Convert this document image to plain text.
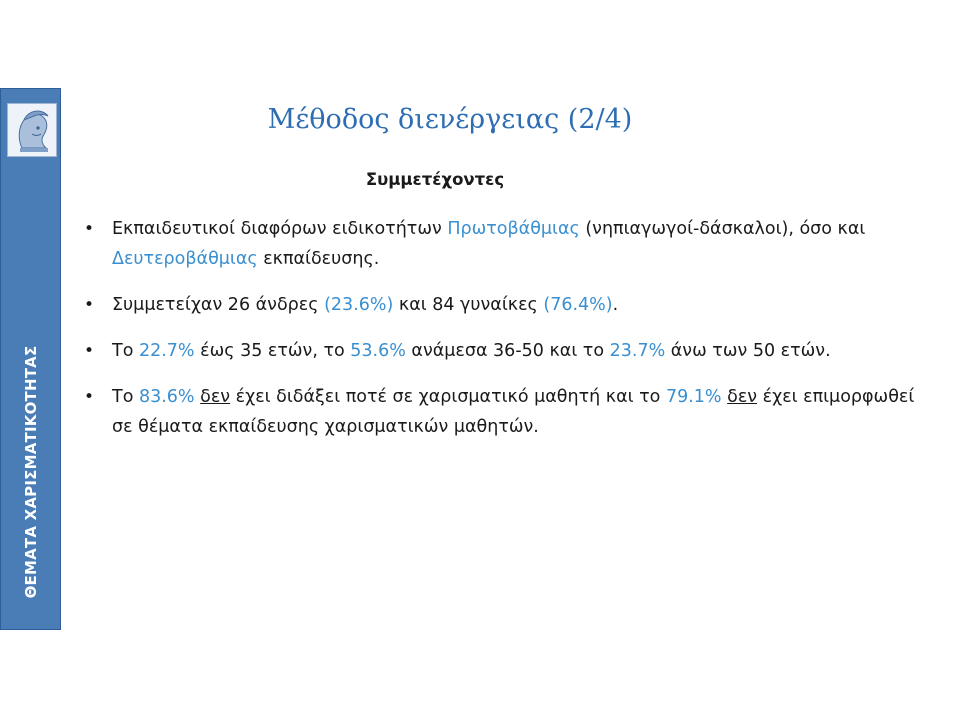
ΘΕΜΑΤΑ ΧΑΡΙΣΜΑΤΙΚΟΤΗΤΑΣ
Μέθοδος διενέργειας (2/4)
Συμμετέχοντες
• Εκπαιδευτικοί διαφόρων ειδικοτήτων Πρωτοβάθμιας (νηπιαγωγοί-δάσκαλοι), όσο και Δευτεροβάθμιας εκπαίδευσης.
• Συμμετείχαν 26 άνδρες (23.6%) και 84 γυναίκες (76.4%).
• Το 22.7% έως 35 ετών, το 53.6% ανάμεσα 36-50 και το 23.7% άνω των 50 ετών.
• Το 83.6% δεν έχει διδάξει ποτέ σε χαρισματικό μαθητή και το 79.1% δεν έχει επιμορφωθεί σε θέματα εκπαίδευσης χαρισματικών μαθητών.
